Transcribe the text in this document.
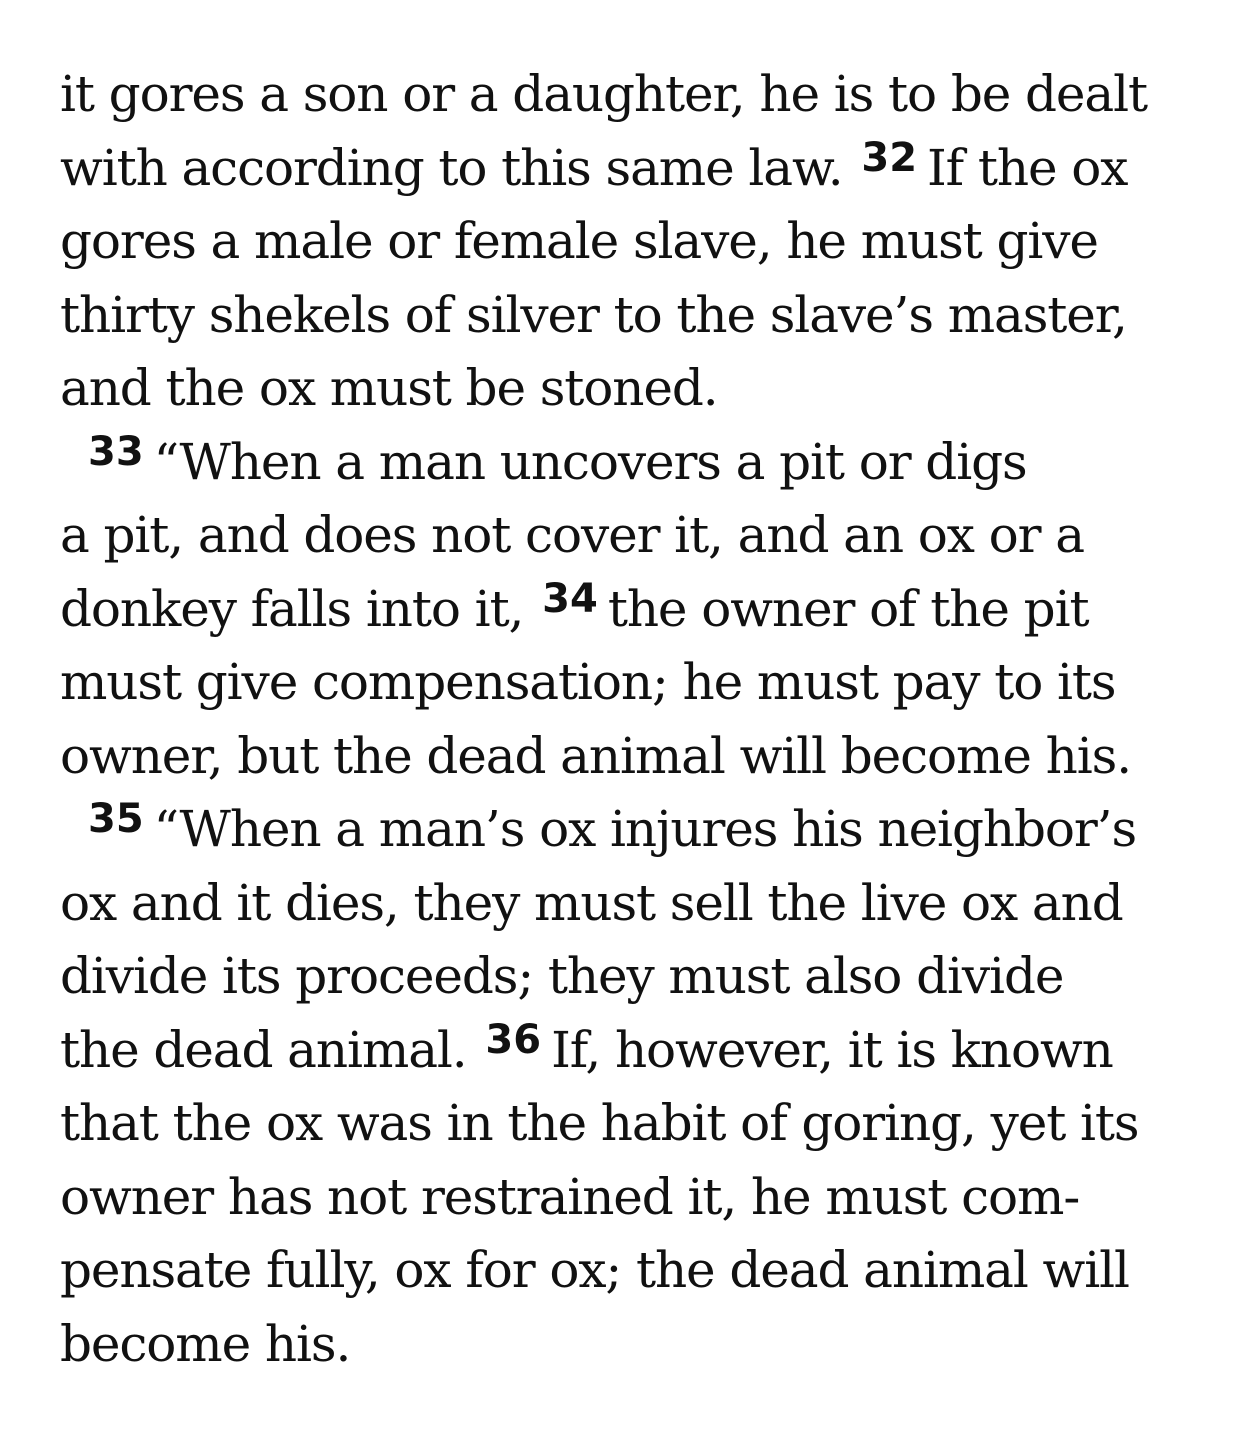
it gores a son or a daughter, he is to be dealt
with according to this same law. $^{32}$ If the ox
gores a male or female slave, he must give
thirty shekels of silver to the slave’s master,
and the ox must be stoned.
$^{33}$ “When a man uncovers a pit or digs
a pit, and does not cover it, and an ox or a
donkey falls into it, $^{34}$ the owner of the pit
must give compensation; he must pay to its
owner, but the dead animal will become his.
$^{35}$ “When a man’s ox injures his neighbor’s
ox and it dies, they must sell the live ox and
divide its proceeds; they must also divide
the dead animal. $^{36}$ If, however, it is known
that the ox was in the habit of goring, yet its
owner has not restrained it, he must com-
pensate fully, ox for ox; the dead animal will
become his.
